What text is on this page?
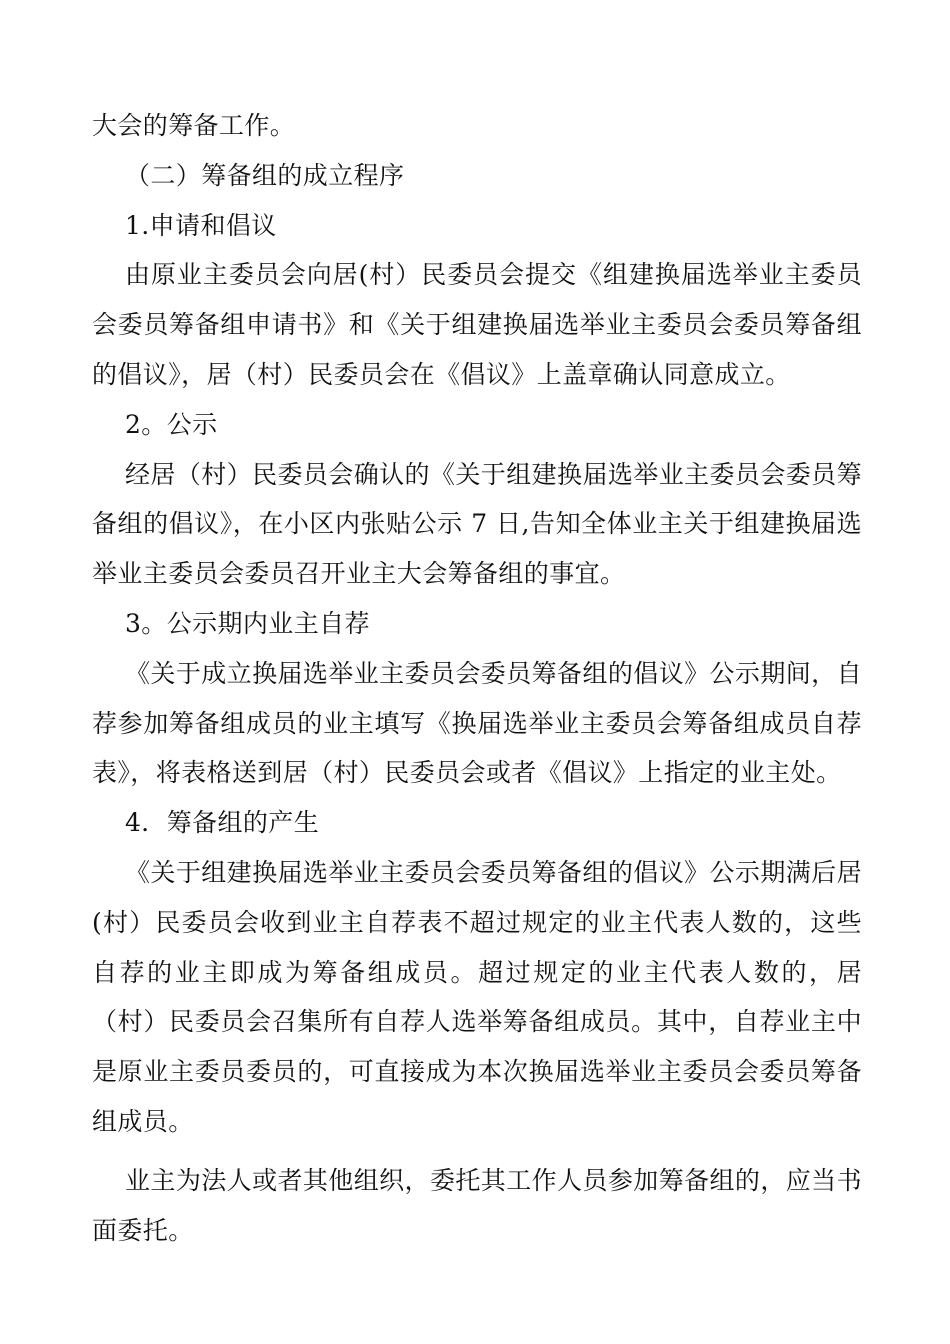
大会的筹备工作。

（二）筹备组的成立程序

1.申请和倡议

由原业主委员会向居(村）民委员会提交《组建换届选举业主委员会委员筹备组申请书》和《关于组建换届选举业主委员会委员筹备组的倡议》，居（村）民委员会在《倡议》上盖章确认同意成立。

2。公示

经居（村）民委员会确认的《关于组建换届选举业主委员会委员筹备组的倡议》，在小区内张贴公示 7 日,告知全体业主关于组建换届选举业主委员会委员召开业主大会筹备组的事宜。

3。公示期内业主自荐

《关于成立换届选举业主委员会委员筹备组的倡议》公示期间，自荐参加筹备组成员的业主填写《换届选举业主委员会筹备组成员自荐表》，将表格送到居（村）民委员会或者《倡议》上指定的业主处。

4．筹备组的产生

《关于组建换届选举业主委员会委员筹备组的倡议》公示期满后居(村）民委员会收到业主自荐表不超过规定的业主代表人数的，这些自荐的业主即成为筹备组成员。超过规定的业主代表人数的，居（村）民委员会召集所有自荐人选举筹备组成员。其中，自荐业主中是原业主委员委员的，可直接成为本次换届选举业主委员会委员筹备组成员。

业主为法人或者其他组织，委托其工作人员参加筹备组的，应当书面委托。
